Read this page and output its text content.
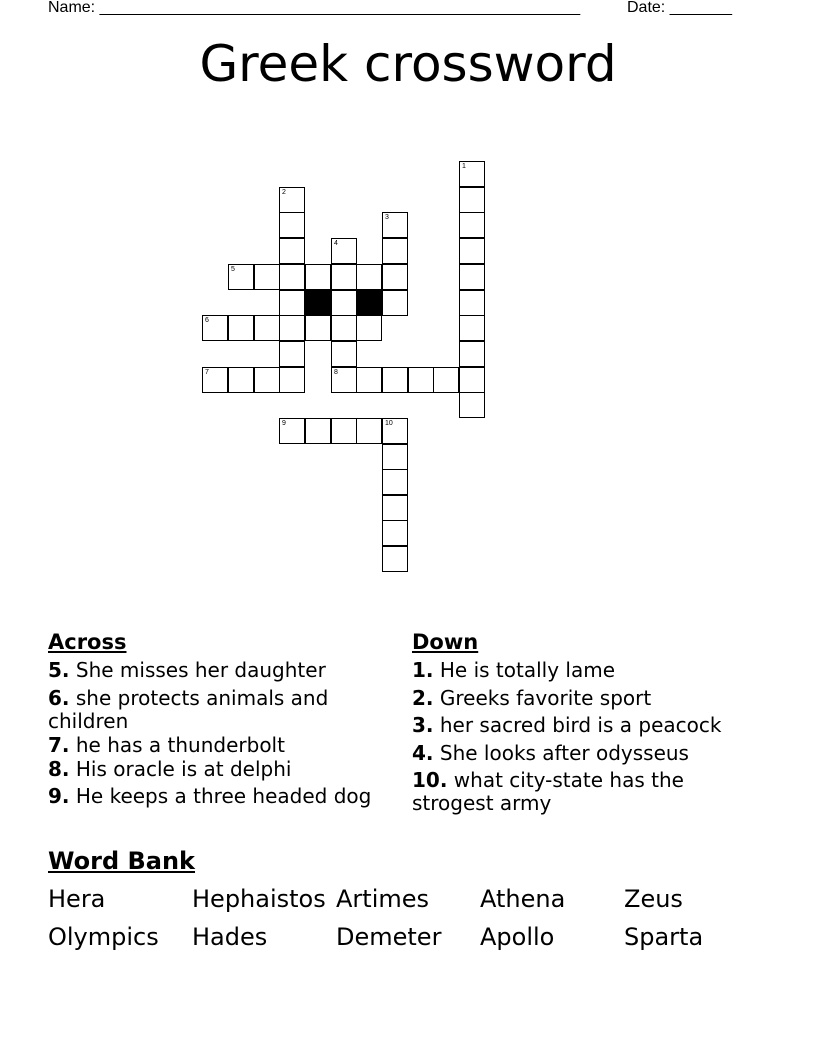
Name: ______________________________________________________	Date: _______
Greek crossword
1
2
3
4
8
5
6
7
9	10
Across
5. She misses her daughter
6. she protects animals and children
7. he has a thunderbolt
8. His oracle is at delphi
9. He keeps a three headed dog
Down
1. He is totally lame
2. Greeks favorite sport
3. her sacred bird is a peacock
4. She looks after odysseus
10. what city-state has the strogest army
Word Bank
Hera	Hephaistos Artimes Athena Zeus
Olympics Hades	Demeter Apollo	Sparta
